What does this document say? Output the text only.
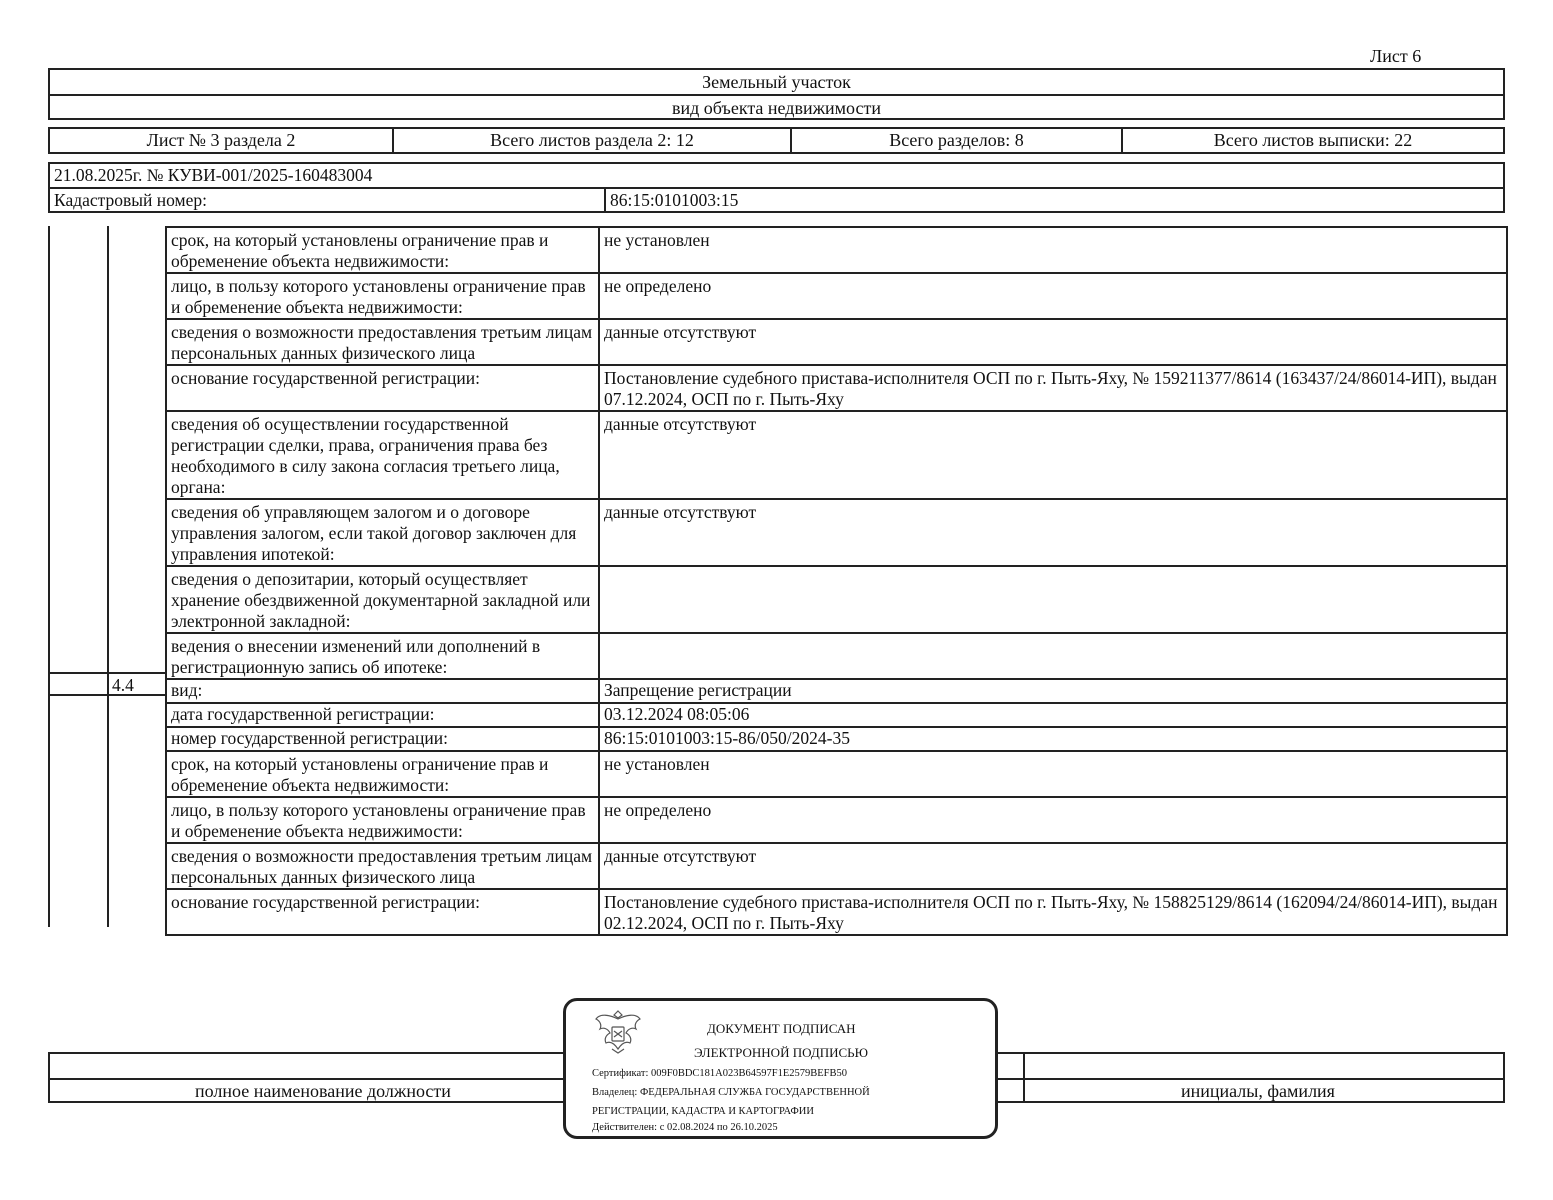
Лист 6
Земельный участок
вид объекта недвижимости
Лист № 3 раздела 2	Всего листов раздела 2: 12	Всего разделов: 8	Всего листов выписки: 22
21.08.2025г. № КУВИ-001/2025-160483004
Кадастровый номер:	86:15:0101003:15
4.4
срок, на который установлены ограничение прав и обременение объекта недвижимости:	не установлен
лицо, в пользу которого установлены ограничение прав и обременение объекта недвижимости:	не определено
сведения о возможности предоставления третьим лицам персональных данных физического лица	данные отсутствуют
основание государственной регистрации:	Постановление судебного пристава-исполнителя ОСП по г. Пыть-Яху, № 159211377/8614 (163437/24/86014-ИП), выдан 07.12.2024, ОСП по г. Пыть-Яху
сведения об осуществлении государственной регистрации сделки, права, ограничения права без необходимого в силу закона согласия третьего лица, органа:	данные отсутствуют
сведения об управляющем залогом и о договоре управления залогом, если такой договор заключен для управления ипотекой:	данные отсутствуют
сведения о депозитарии, который осуществляет хранение обездвиженной документарной закладной или электронной закладной:	
ведения о внесении изменений или дополнений в регистрационную запись об ипотеке:	
вид:	Запрещение регистрации
дата государственной регистрации:	03.12.2024 08:05:06
номер государственной регистрации:	86:15:0101003:15-86/050/2024-35
срок, на который установлены ограничение прав и обременение объекта недвижимости:	не установлен
лицо, в пользу которого установлены ограничение прав и обременение объекта недвижимости:	не определено
сведения о возможности предоставления третьим лицам персональных данных физического лица	данные отсутствуют
основание государственной регистрации:	Постановление судебного пристава-исполнителя ОСП по г. Пыть-Яху, № 158825129/8614 (162094/24/86014-ИП), выдан 02.12.2024, ОСП по г. Пыть-Яху
полное наименование должности	инициалы, фамилия
ДОКУМЕНТ ПОДПИСАН
ЭЛЕКТРОННОЙ ПОДПИСЬЮ
Сертификат: 009F0BDC181A023B64597F1E2579BEFB50
Владелец: ФЕДЕРАЛЬНАЯ СЛУЖБА ГОСУДАРСТВЕННОЙ
РЕГИСТРАЦИИ, КАДАСТРА И КАРТОГРАФИИ
Действителен: с 02.08.2024 по 26.10.2025
